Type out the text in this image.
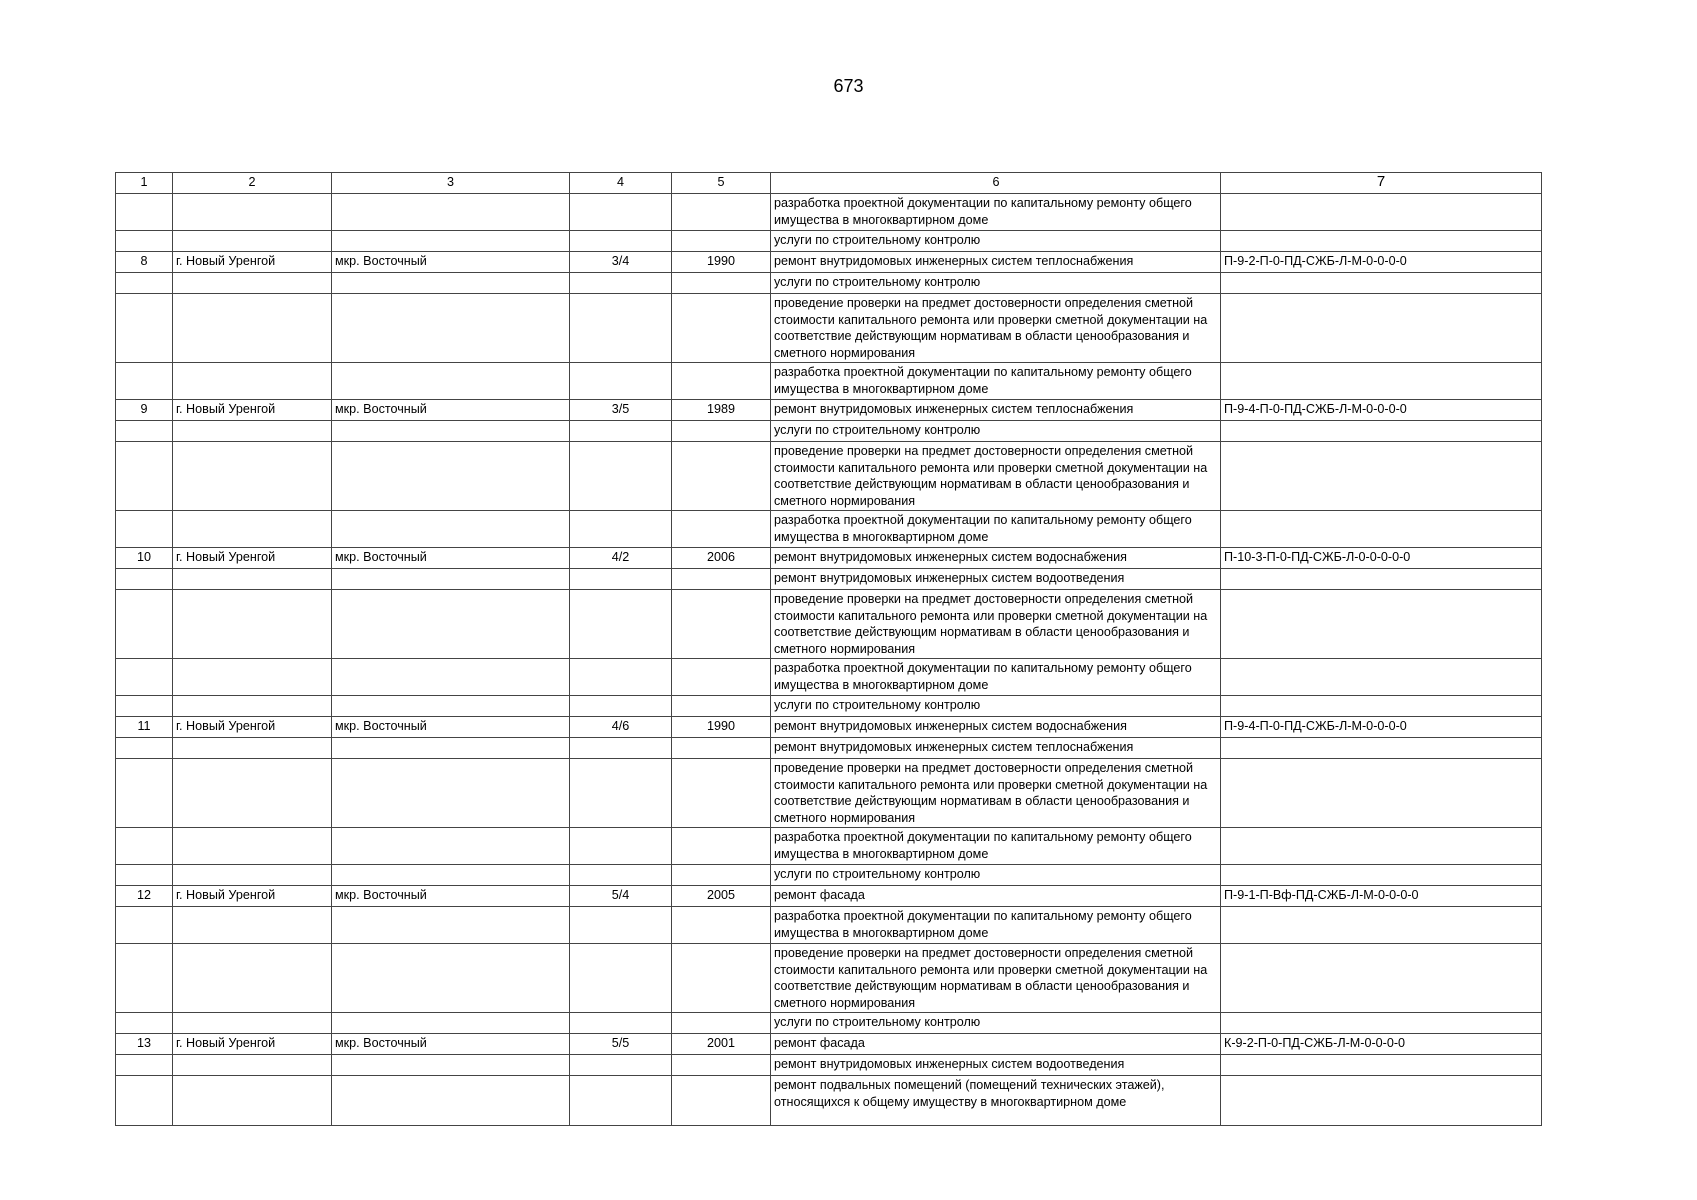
673
1	2	3	4	5	6	7
					разработка проектной документации по капитальному ремонту общего имущества в многоквартирном доме	
					услуги по строительному контролю	
8	г. Новый Уренгой	мкр. Восточный	3/4	1990	ремонт внутридомовых инженерных систем теплоснабжения	П-9-2-П-0-ПД-СЖБ-Л-М-0-0-0-0
					услуги по строительному контролю	
					проведение проверки на предмет достоверности определения сметной стоимости капитального ремонта или проверки сметной документации на соответствие действующим нормативам в области ценообразования и сметного нормирования	
					разработка проектной документации по капитальному ремонту общего имущества в многоквартирном доме	
9	г. Новый Уренгой	мкр. Восточный	3/5	1989	ремонт внутридомовых инженерных систем теплоснабжения	П-9-4-П-0-ПД-СЖБ-Л-М-0-0-0-0
					услуги по строительному контролю	
					проведение проверки на предмет достоверности определения сметной стоимости капитального ремонта или проверки сметной документации на соответствие действующим нормативам в области ценообразования и сметного нормирования	
					разработка проектной документации по капитальному ремонту общего имущества в многоквартирном доме	
10	г. Новый Уренгой	мкр. Восточный	4/2	2006	ремонт внутридомовых инженерных систем водоснабжения	П-10-3-П-0-ПД-СЖБ-Л-0-0-0-0-0
					ремонт внутридомовых инженерных систем водоотведения	
					проведение проверки на предмет достоверности определения сметной стоимости капитального ремонта или проверки сметной документации на соответствие действующим нормативам в области ценообразования и сметного нормирования	
					разработка проектной документации по капитальному ремонту общего имущества в многоквартирном доме	
					услуги по строительному контролю	
11	г. Новый Уренгой	мкр. Восточный	4/6	1990	ремонт внутридомовых инженерных систем водоснабжения	П-9-4-П-0-ПД-СЖБ-Л-М-0-0-0-0
					ремонт внутридомовых инженерных систем теплоснабжения	
					проведение проверки на предмет достоверности определения сметной стоимости капитального ремонта или проверки сметной документации на соответствие действующим нормативам в области ценообразования и сметного нормирования	
					разработка проектной документации по капитальному ремонту общего имущества в многоквартирном доме	
					услуги по строительному контролю	
12	г. Новый Уренгой	мкр. Восточный	5/4	2005	ремонт фасада	П-9-1-П-Вф-ПД-СЖБ-Л-М-0-0-0-0
					разработка проектной документации по капитальному ремонту общего имущества в многоквартирном доме	
					проведение проверки на предмет достоверности определения сметной стоимости капитального ремонта или проверки сметной документации на соответствие действующим нормативам в области ценообразования и сметного нормирования	
					услуги по строительному контролю	
13	г. Новый Уренгой	мкр. Восточный	5/5	2001	ремонт фасада	К-9-2-П-0-ПД-СЖБ-Л-М-0-0-0-0
					ремонт внутридомовых инженерных систем водоотведения	
					ремонт подвальных помещений (помещений технических этажей), относящихся к общему имуществу в многоквартирном доме	
